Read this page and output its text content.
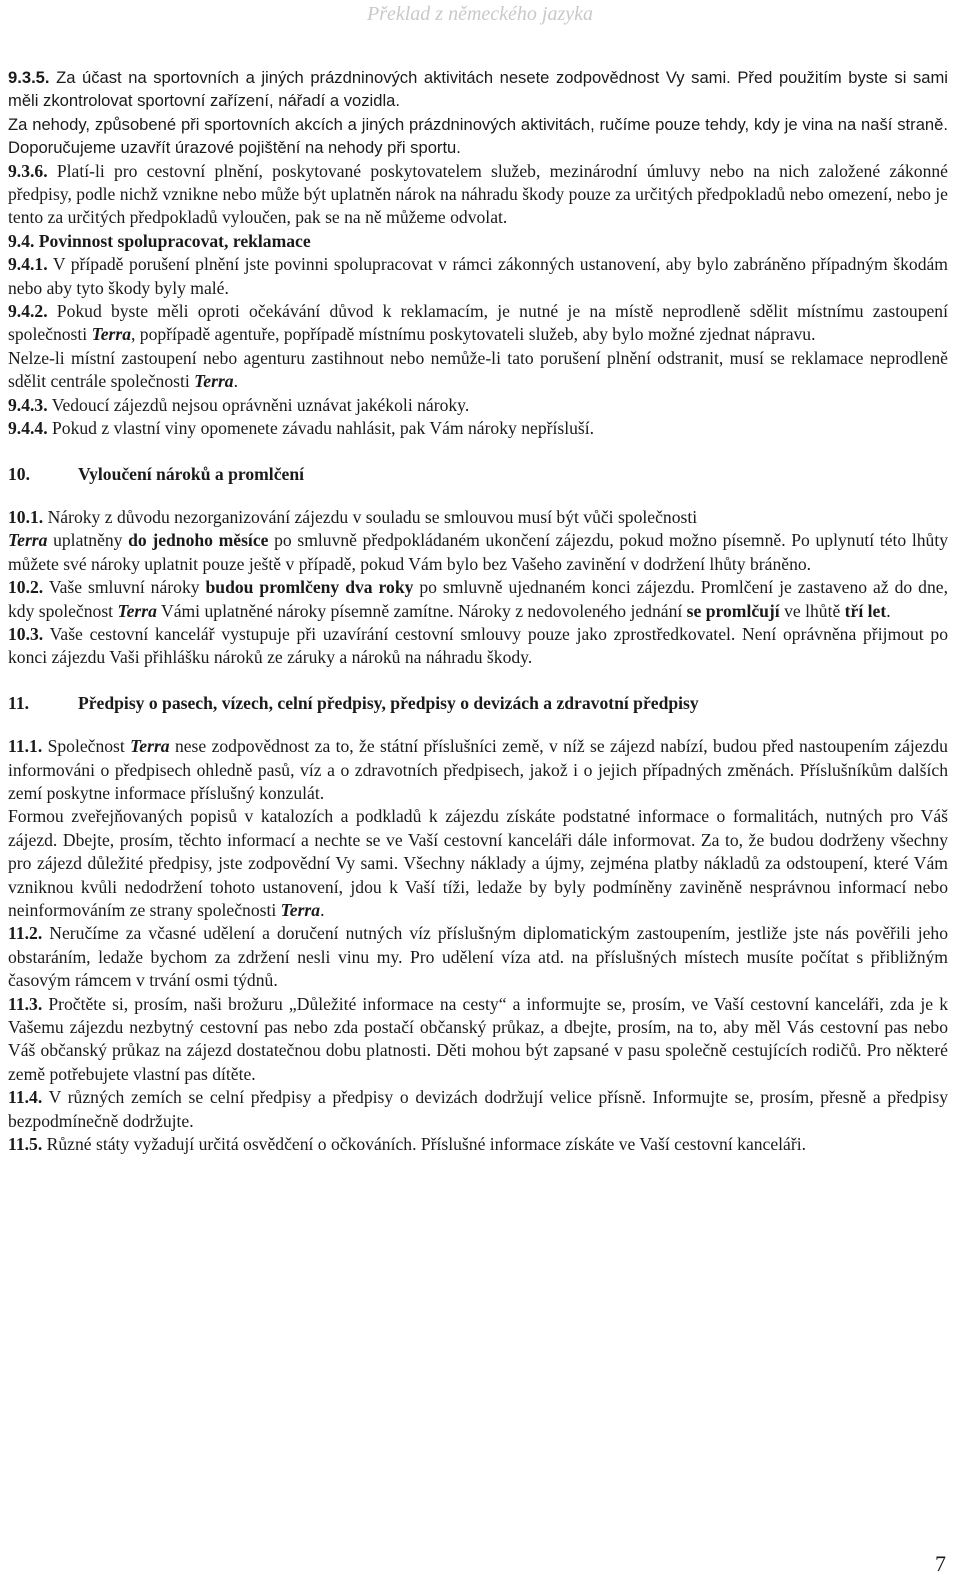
Překlad z německého jazyka

9.3.5. Za účast na sportovních a jiných prázdninových aktivitách nesete zodpovědnost Vy sami. Před použitím byste si sami měli zkontrolovat sportovní zařízení, nářadí a vozidla.
Za nehody, způsobené při sportovních akcích a jiných prázdninových aktivitách, ručíme pouze tehdy, kdy je vina na naší straně. Doporučujeme uzavřít úrazové pojištění na nehody při sportu.

9.3.6. Platí-li pro cestovní plnění, poskytované poskytovatelem služeb, mezinárodní úmluvy nebo na nich založené zákonné předpisy, podle nichž vznikne nebo může být uplatněn nárok na náhradu škody pouze za určitých předpokladů nebo omezení, nebo je tento za určitých předpokladů vyloučen, pak se na ně můžeme odvolat.

9.4. Povinnost spolupracovat, reklamace

9.4.1. V případě porušení plnění jste povinni spolupracovat v rámci zákonných ustanovení, aby bylo zabráněno případným škodám nebo aby tyto škody byly malé.

9.4.2. Pokud byste měli oproti očekávání důvod k reklamacím, je nutné je na místě neprodleně sdělit místnímu zastoupení společnosti Terra, popřípadě agentuře, popřípadě místnímu poskytovateli služeb, aby bylo možné zjednat nápravu.

Nelze-li místní zastoupení nebo agenturu zastihnout nebo nemůže-li tato porušení plnění odstranit, musí se reklamace neprodleně sdělit centrále společnosti Terra.

9.4.3. Vedoucí zájezdů nejsou oprávněni uznávat jakékoli nároky.

9.4.4. Pokud z vlastní viny opomenete závadu nahlásit, pak Vám nároky nepřísluší.

10.	Vyloučení nároků a promlčení

10.1. Nároky z důvodu nezorganizování zájezdu v souladu se smlouvou musí být vůči společnosti
Terra uplatněny do jednoho měsíce po smluvně předpokládaném ukončení zájezdu, pokud možno písemně. Po uplynutí této lhůty můžete své nároky uplatnit pouze ještě v případě, pokud Vám bylo bez Vašeho zavinění v dodržení lhůty bráněno.

10.2. Vaše smluvní nároky budou promlčeny dva roky po smluvně ujednaném konci zájezdu. Promlčení je zastaveno až do dne, kdy společnost Terra Vámi uplatněné nároky písemně zamítne. Nároky z nedovoleného jednání se promlčují ve lhůtě tří let.

10.3. Vaše cestovní kancelář vystupuje při uzavírání cestovní smlouvy pouze jako zprostředkovatel. Není oprávněna přijmout po konci zájezdu Vaši přihlášku nároků ze záruky a nároků na náhradu škody.

11.	Předpisy o pasech, vízech, celní předpisy, předpisy o devizách a zdravotní předpisy

11.1. Společnost Terra nese zodpovědnost za to, že státní příslušníci země, v níž se zájezd nabízí, budou před nastoupením zájezdu informováni o předpisech ohledně pasů, víz a o zdravotních předpisech, jakož i o jejich případných změnách. Příslušníkům dalších zemí poskytne informace příslušný konzulát.

Formou zveřejňovaných popisů v katalozích a podkladů k zájezdu získáte podstatné informace o formalitách, nutných pro Váš zájezd. Dbejte, prosím, těchto informací a nechte se ve Vaší cestovní kanceláři dále informovat. Za to, že budou dodrženy všechny pro zájezd důležité předpisy, jste zodpovědní Vy sami. Všechny náklady a újmy, zejména platby nákladů za odstoupení, které Vám vzniknou kvůli nedodržení tohoto ustanovení, jdou k Vaší tíži, ledaže by byly podmíněny zaviněně nesprávnou informací nebo neinformováním ze strany společnosti Terra.

11.2. Neručíme za včasné udělení a doručení nutných víz příslušným diplomatickým zastoupením, jestliže jste nás pověřili jeho obstaráním, ledaže bychom za zdržení nesli vinu my. Pro udělení víza atd. na příslušných místech musíte počítat s přibližným časovým rámcem v trvání osmi týdnů.

11.3. Pročtěte si, prosím, naši brožuru „Důležité informace na cesty“ a informujte se, prosím, ve Vaší cestovní kanceláři, zda je k Vašemu zájezdu nezbytný cestovní pas nebo zda postačí občanský průkaz, a dbejte, prosím, na to, aby měl Vás cestovní pas nebo Váš občanský průkaz na zájezd dostatečnou dobu platnosti. Děti mohou být zapsané v pasu společně cestujících rodičů. Pro některé země potřebujete vlastní pas dítěte.

11.4. V různých zemích se celní předpisy a předpisy o devizách dodržují velice přísně. Informujte se, prosím, přesně a předpisy bezpodmínečně dodržujte.

11.5. Různé státy vyžadují určitá osvědčení o očkováních. Příslušné informace získáte ve Vaší cestovní kanceláři.

7
